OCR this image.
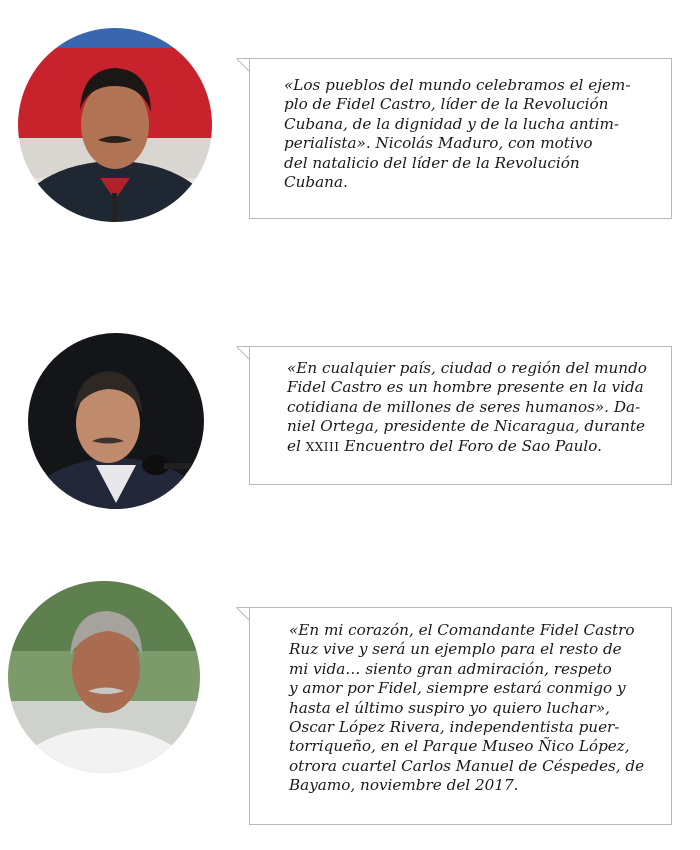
«Los pueblos del mundo celebramos el ejem-
plo de Fidel Castro, líder de la Revolución
Cubana, de la dignidad y de la lucha antim-
perialista». Nicolás Maduro, con motivo
del natalicio del líder de la Revolución
Cubana.

«En cualquier país, ciudad o región del mundo
Fidel Castro es un hombre presente en la vida
cotidiana de millones de seres humanos». Da-
niel Ortega, presidente de Nicaragua, durante
el XXIII Encuentro del Foro de Sao Paulo.

«En mi corazón, el Comandante Fidel Castro
Ruz vive y será un ejemplo para el resto de
mi vida… siento gran admiración, respeto
y amor por Fidel, siempre estará conmigo y
hasta el último suspiro yo quiero luchar»,
Oscar López Rivera, independentista puer-
torriqueño, en el Parque Museo Ñico López,
otrora cuartel Carlos Manuel de Céspedes, de
Bayamo, noviembre del 2017.
